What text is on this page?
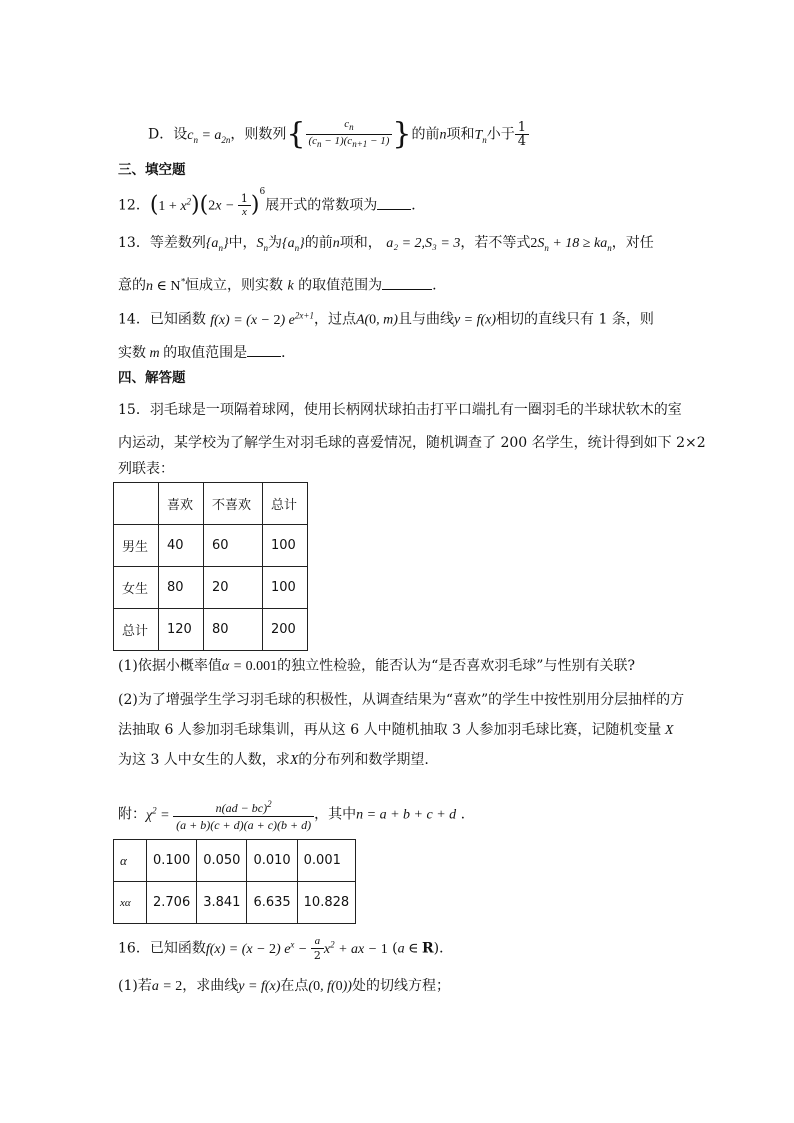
D．设$c_n = a_{2n}$，则数列{ $\frac{c_n}{(c_n - 1)(c_{n+1} - 1)}$ }的前n项和$T_n$小于 $\frac{1}{4}$
三、填空题
12．$(1 + x^2)(2x - \frac{1}{x} )^6$展开式的常数项为 ．
13．等差数列$\{a_n\}$中，$S_n$为$\{a_n\}$的前n项和， a₂ = 2,S₃ = 3，若不等式$2S_n + 18 \ge ka_n$，对任
意的n ∈ N*恒成立，则实数 k 的取值范围为	.
14．已知函数 f(x) = (x − 2) $e^{2x+1}$，过点A(0, m)且与曲线y = f(x)相切的直线只有 1 条，则
实数 m 的取值范围是 ．
四、解答题
15．羽毛球是一项隔着球网，使用长柄网状球拍击打平口端扎有一圈羽毛的半球状软木的室
内运动，某学校为了解学生对羽毛球的喜爱情况，随机调查了 200 名学生，统计得到如下 2×2
列联表：
	喜欢	不喜欢	总计
男生	40	60	100
女生	80	20	100
总计	120	80	200
(1)依据小概率值α = 0.001的独立性检验，能否认为“是否喜欢羽毛球”与性别有关联?
(2)为了增强学生学习羽毛球的积极性，从调查结果为“喜欢”的学生中按性别用分层抽样的方
法抽取 6 人参加羽毛球集训，再从这 6 人中随机抽取 3 人参加羽毛球比赛，记随机变量 X
为这 3 人中女生的人数，求X的分布列和数学期望.
附：$\chi^2 = \frac{n(ad - bc)^2}{(a + b)(c + d)(a + c)(b + d)}$ ，其中n = a + b + c + d .
α	0.100	0.050	0.010	0.001
xα	2.706	3.841	6.635	10.828
16．已知函数f(x) = (x − 2) $e^x - \frac{a}{2} x^2$ + ax − 1 (a ∈ R)．
(1)若a = 2，求曲线y = f(x)在点(0, f(0))处的切线方程；
